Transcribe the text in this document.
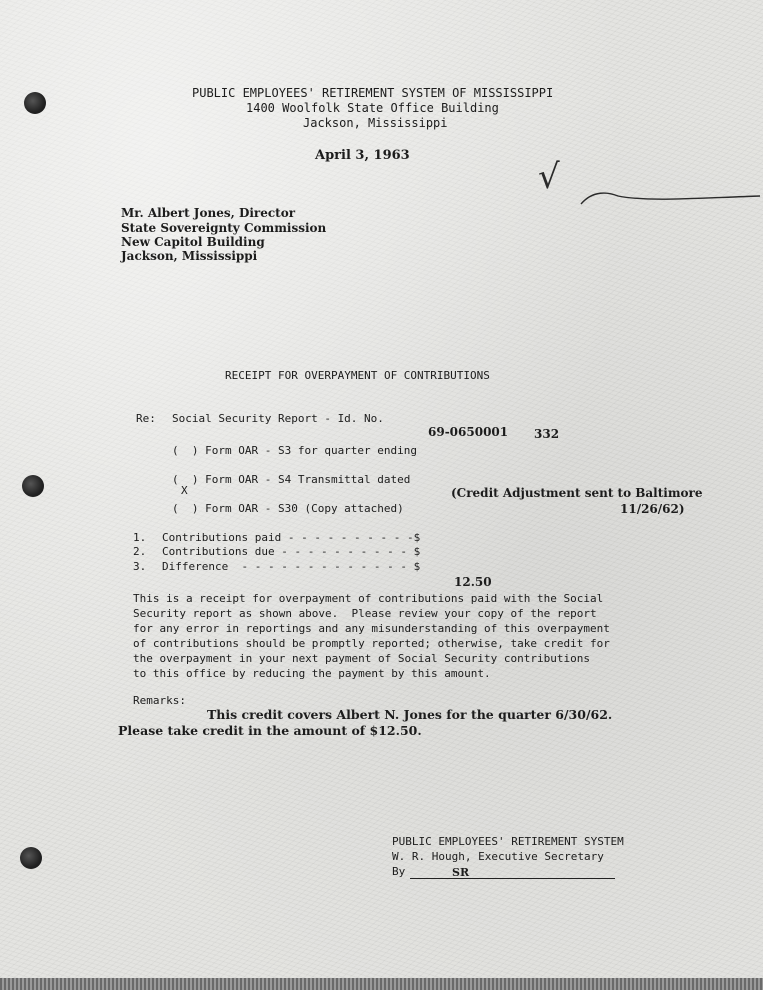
PUBLIC EMPLOYEES' RETIREMENT SYSTEM OF MISSISSIPPI
1400 Woolfolk State Office Building
Jackson, Mississippi
April 3, 1963
√
Mr. Albert Jones, Director
State Sovereignty Commission
New Capitol Building
Jackson, Mississippi
RECEIPT FOR OVERPAYMENT OF CONTRIBUTIONS
Re: Social Security Report - Id. No.
69-0650001 332
(  ) Form OAR - S3 for quarter ending
(  ) Form OAR - S4 Transmittal dated
X
(  ) Form OAR - S30 (Copy attached)
(Credit Adjustment sent to Baltimore
11/26/62)
1. Contributions paid - - - - - - - - - -$
2. Contributions due - - - - - - - - - - $
3. Difference  - - - - - - - - - - - - - $
12.50
This is a receipt for overpayment of contributions paid with the Social
Security report as shown above.  Please review your copy of the report
for any error in reportings and any misunderstanding of this overpayment
of contributions should be promptly reported; otherwise, take credit for
the overpayment in your next payment of Social Security contributions
to this office by reducing the payment by this amount.
Remarks:
This credit covers Albert N. Jones for the quarter 6/30/62.
Please take credit in the amount of $12.50.
PUBLIC EMPLOYEES' RETIREMENT SYSTEM
W. R. Hough, Executive Secretary
By	SR
